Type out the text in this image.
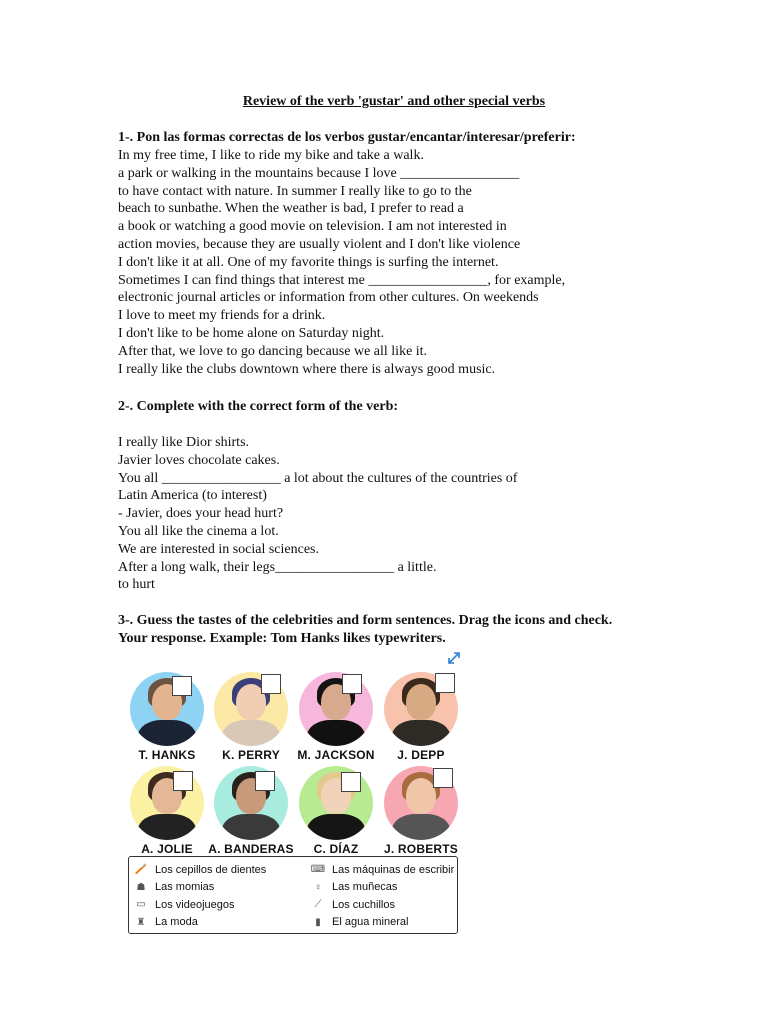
Review of the verb 'gustar' and other special verbs
1-. Pon las formas correctas de los verbos gustar/encantar/interesar/preferir:
In my free time, I like to ride my bike and take a walk.
a park or walking in the mountains because I love _________________
to have contact with nature. In summer I really like to go to the
beach to sunbathe. When the weather is bad, I prefer to read a
a book or watching a good movie on television. I am not interested in
action movies, because they are usually violent and I don't like violence
I don't like it at all. One of my favorite things is surfing the internet.
Sometimes I can find things that interest me _________________, for example,
electronic journal articles or information from other cultures. On weekends
I love to meet my friends for a drink.
I don't like to be home alone on Saturday night.
After that, we love to go dancing because we all like it.
I really like the clubs downtown where there is always good music.
2-. Complete with the correct form of the verb:
I really like Dior shirts.
Javier loves chocolate cakes.
You all _________________ a lot about the cultures of the countries of
Latin America (to interest)
- Javier, does your head hurt?
You all like the cinema a lot.
We are interested in social sciences.
After a long walk, their legs_________________ a little.
to hurt
3-. Guess the tastes of the celebrities and form sentences. Drag the icons and check.
Your response. Example: Tom Hanks likes typewriters.
🪥 Los cepillos de dientes	⌨ Las máquinas de escribir
☗ Las momias	♀ Las muñecas
▭ Los videojuegos	⟋ Los cuchillos
♜ La moda	▮ El agua mineral
T. HANKS	K. PERRY	M. JACKSON	J. DEPP
A. JOLIE	A. BANDERAS	C. DÍAZ	J. ROBERTS
